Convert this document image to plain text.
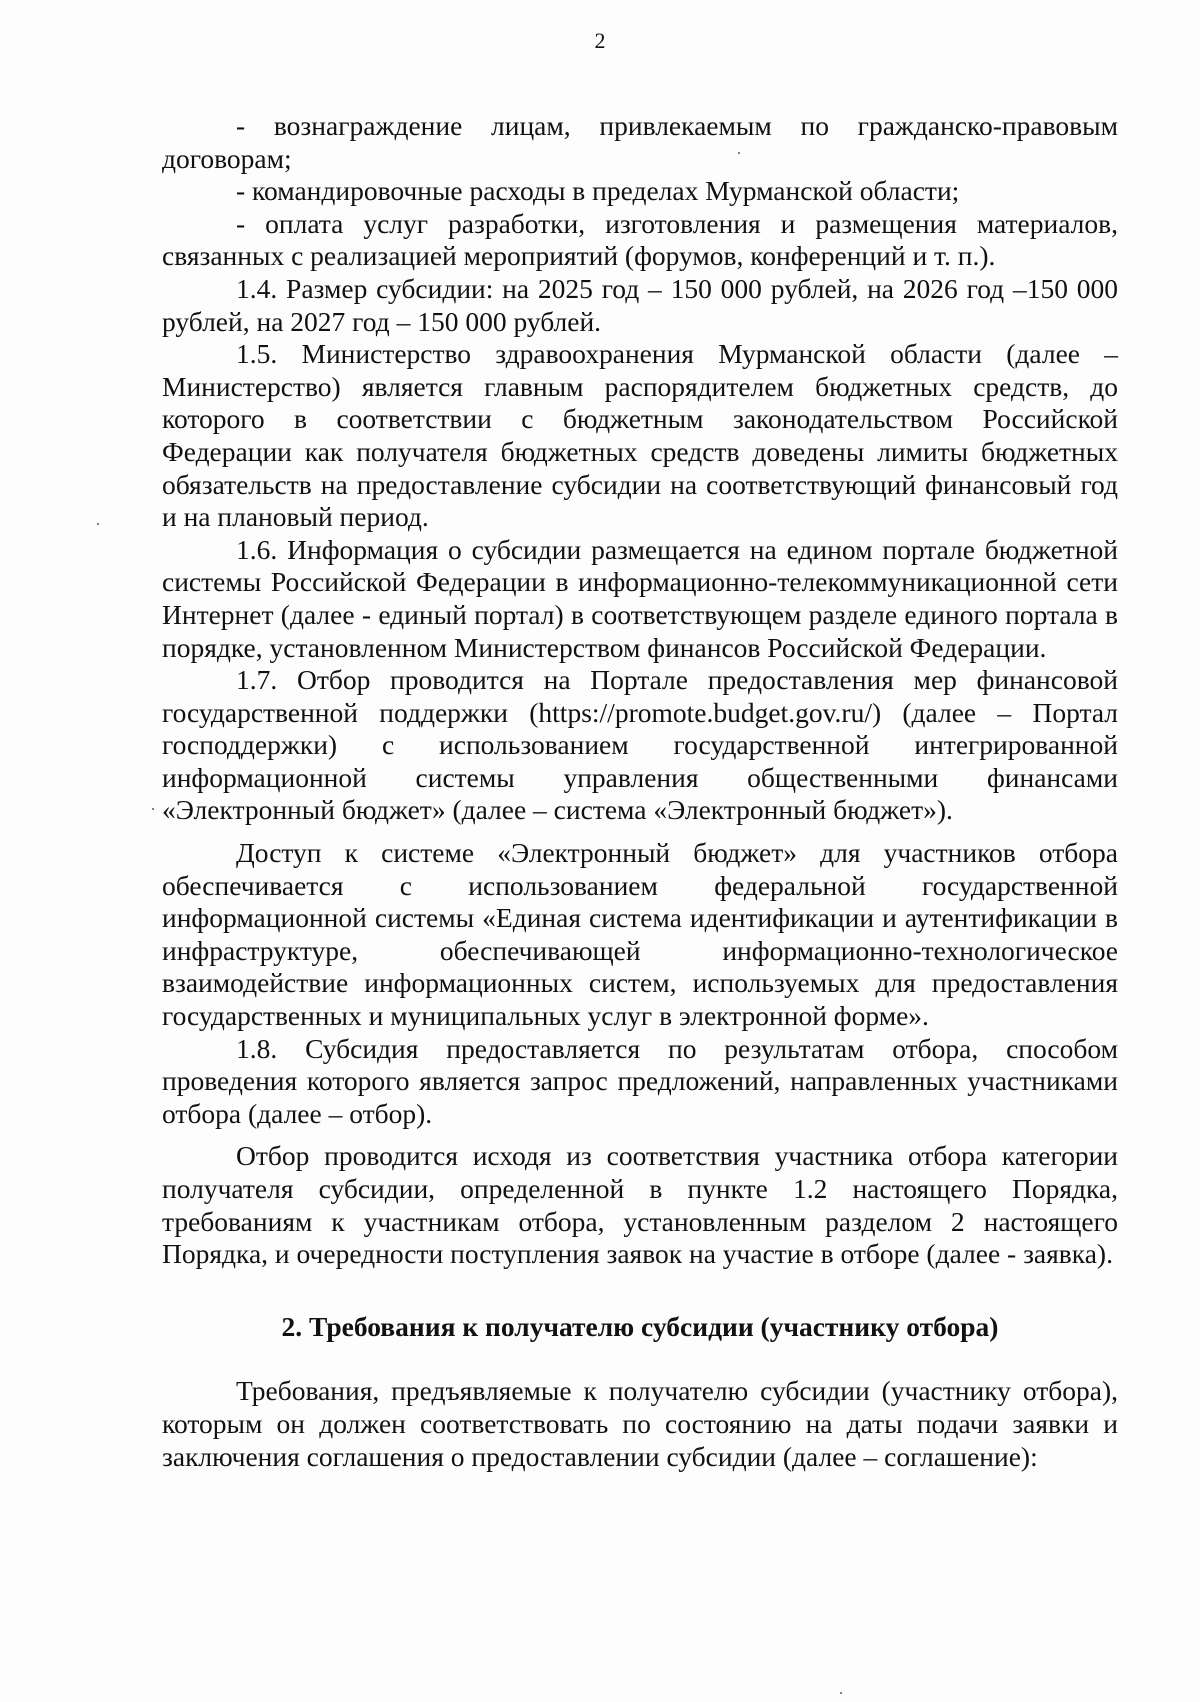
2

- вознаграждение лицам, привлекаемым по гражданско-правовым договорам;

- командировочные расходы в пределах Мурманской области;

- оплата услуг разработки, изготовления и размещения материалов, связанных с реализацией мероприятий (форумов, конференций и т. п.).

1.4. Размер субсидии: на 2025 год – 150 000 рублей, на 2026 год –150 000 рублей, на 2027 год – 150 000 рублей.

1.5. Министерство здравоохранения Мурманской области (далее – Министерство) является главным распорядителем бюджетных средств, до которого в соответствии с бюджетным законодательством Российской Федерации как получателя бюджетных средств доведены лимиты бюджетных обязательств на предоставление субсидии на соответствующий финансовый год и на плановый период.

1.6. Информация о субсидии размещается на едином портале бюджетной системы Российской Федерации в информационно-телекоммуникационной сети Интернет (далее - единый портал) в соответствующем разделе единого портала в порядке, установленном Министерством финансов Российской Федерации.

1.7. Отбор проводится на Портале предоставления мер финансовой государственной поддержки (https://promote.budget.gov.ru/) (далее – Портал господдержки) с использованием государственной интегрированной информационной системы управления общественными финансами «Электронный бюджет» (далее – система «Электронный бюджет»).

Доступ к системе «Электронный бюджет» для участников отбора обеспечивается с использованием федеральной государственной информационной системы «Единая система идентификации и аутентификации в инфраструктуре, обеспечивающей информационно-технологическое взаимодействие информационных систем, используемых для предоставления государственных и муниципальных услуг в электронной форме».

1.8. Субсидия предоставляется по результатам отбора, способом проведения которого является запрос предложений, направленных участниками отбора (далее – отбор).

Отбор проводится исходя из соответствия участника отбора категории получателя субсидии, определенной в пункте 1.2 настоящего Порядка, требованиям к участникам отбора, установленным разделом 2 настоящего Порядка, и очередности поступления заявок на участие в отборе (далее - заявка).

2. Требования к получателю субсидии (участнику отбора)

Требования, предъявляемые к получателю субсидии (участнику отбора), которым он должен соответствовать по состоянию на даты подачи заявки и заключения соглашения о предоставлении субсидии (далее – соглашение):
